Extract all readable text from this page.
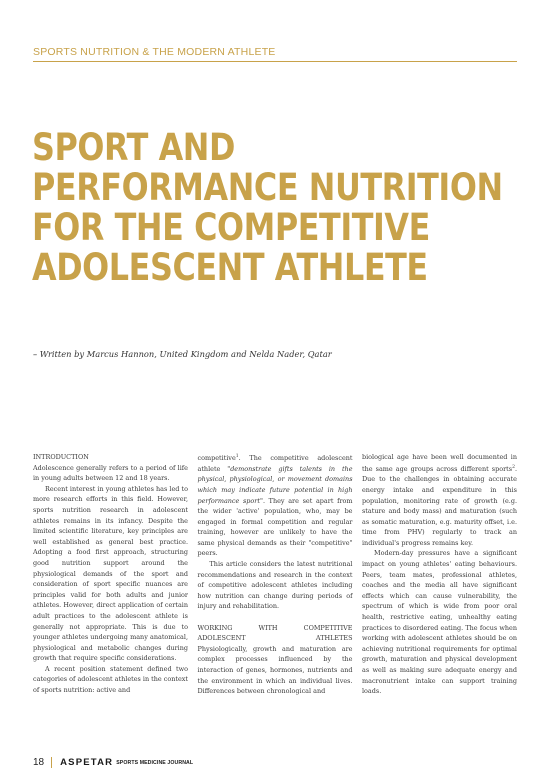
SPORTS NUTRITION & THE MODERN ATHLETE
SPORT AND
PERFORMANCE NUTRITION
FOR THE COMPETITIVE
ADOLESCENT ATHLETE
– Written by Marcus Hannon, United Kingdom and Nelda Nader, Qatar

INTRODUCTION

Adolescence generally refers to a period of life in young adults between 12 and 18 years.

Recent interest in young athletes has led to more research efforts in this field. However, sports nutrition research in adolescent athletes remains in its infancy. Despite the limited scientific literature, key principles are well established as general best practice. Adopting a food first approach, structuring good nutrition support around the physiological demands of the sport and consideration of sport specific nuances are principles valid for both adults and junior athletes. However, direct application of certain adult practices to the adolescent athlete is generally not appropriate. This is due to younger athletes undergoing many anatomical, physiological and metabolic changes during growth that require specific considerations.

A recent position statement defined two categories of adolescent athletes in the context of sports nutrition: active and

competitive$^1$. The competitive adolescent athlete "demonstrate gifts talents in the physical, physiological, or movement domains which may indicate future potential in high performance sport". They are set apart from the wider 'active' population, who, may be engaged in formal competition and regular training, however are unlikely to have the same physical demands as their "competitive" peers.

This article considers the latest nutritional recommendations and research in the context of competitive adolescent athletes including how nutrition can change during periods of injury and rehabilitation.

WORKING WITH COMPETITIVE ADOLESCENT ATHLETES

Physiologically, growth and maturation are complex processes influenced by the interaction of genes, hormones, nutrients and the environment in which an individual lives. Differences between chronological and

biological age have been well documented in the same age groups across different sports$^2$. Due to the challenges in obtaining accurate energy intake and expenditure in this population, monitoring rate of growth (e.g. stature and body mass) and maturation (such as somatic maturation, e.g. maturity offset, i.e. time from PHV) regularly to track an individual's progress remains key.

Modern-day pressures have a significant impact on young athletes' eating behaviours. Peers, team mates, professional athletes, coaches and the media all have significant effects which can cause vulnerability, the spectrum of which is wide from poor oral health, restrictive eating, unhealthy eating practices to disordered eating. The focus when working with adolescent athletes should be on achieving nutritional requirements for optimal growth, maturation and physical development as well as making sure adequate energy and macronutrient intake can support training loads.

18 ASPETAR SPORTS MEDICINE JOURNAL
